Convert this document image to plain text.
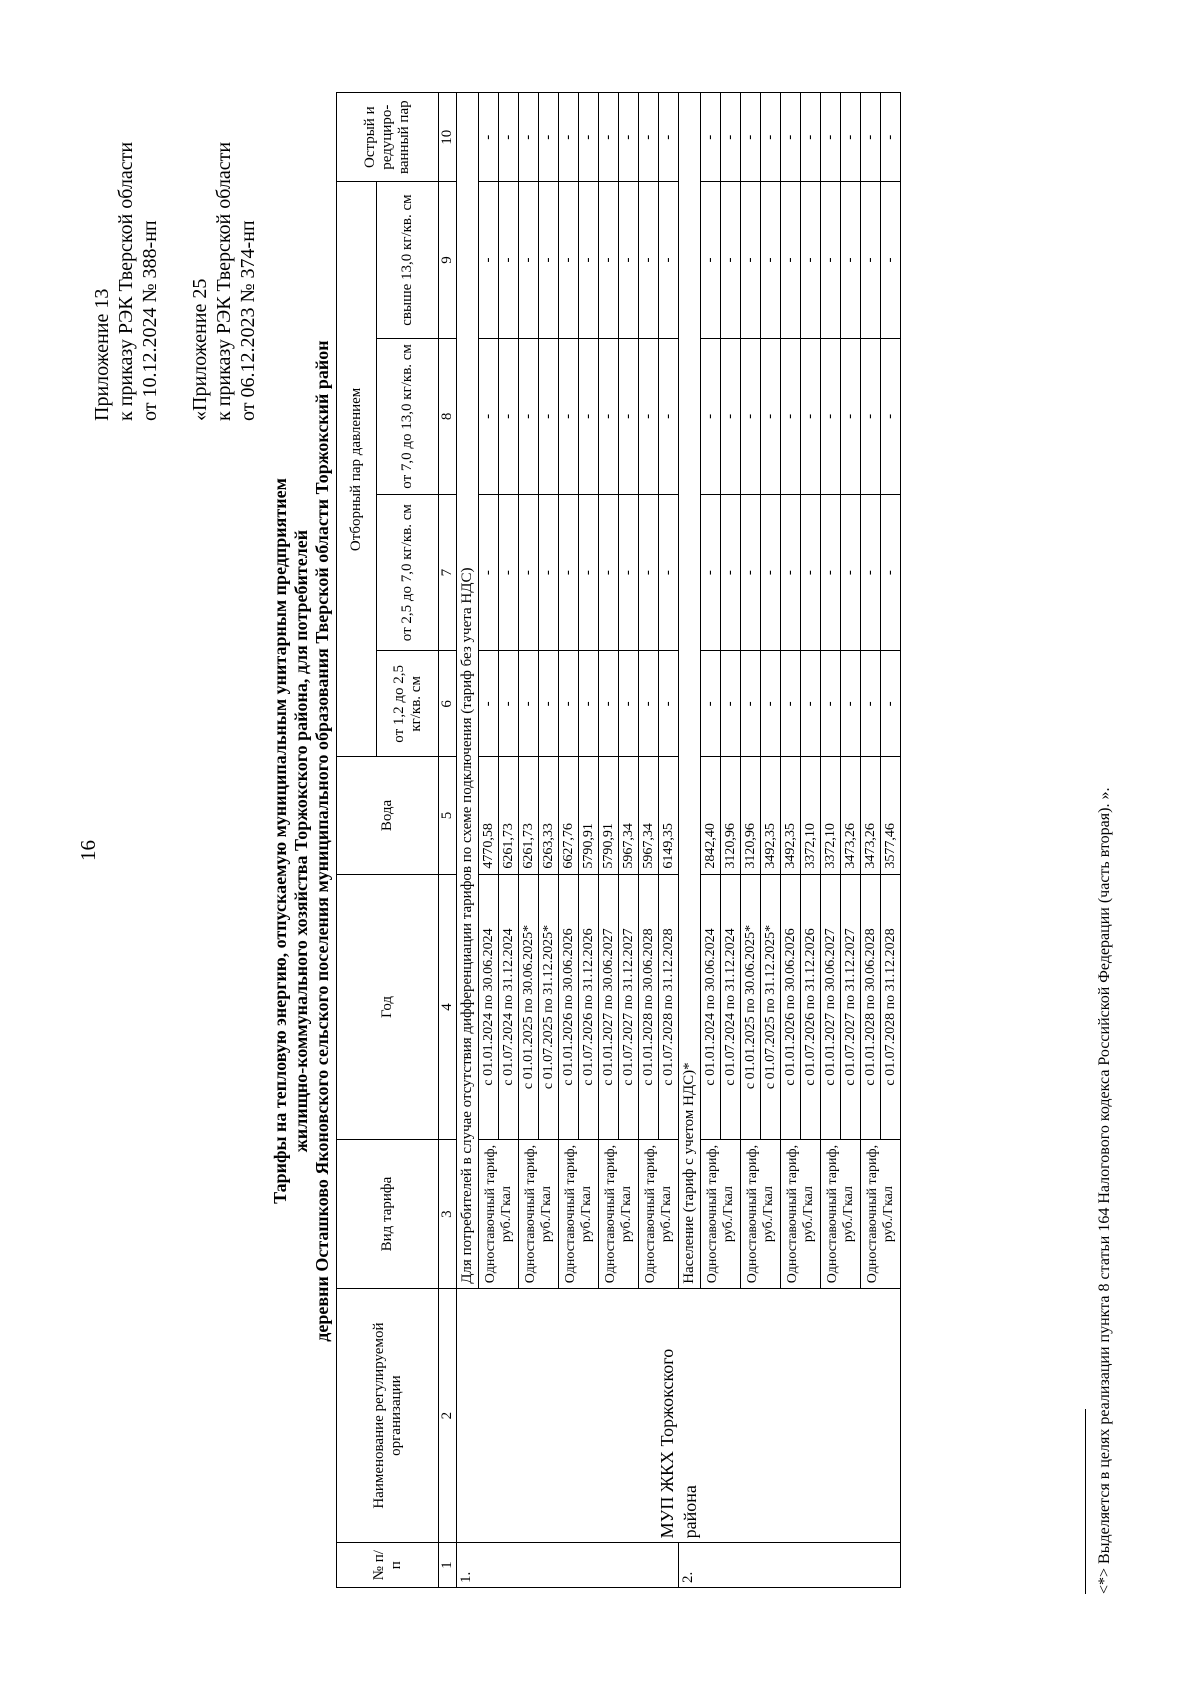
16
Приложение 13 к приказу РЭК Тверской области от 10.12.2024 № 388-нп «Приложение 25 к приказу РЭК Тверской области от 06.12.2023 № 374-нп
Тарифы на тепловую энергию, отпускаемую муниципальным унитарным предприятием жилищно-коммунального хозяйства Торжокского района, для потребителей деревни Осташково Яконовского сельского поселения муниципального образования Тверской области Торжокский район
№ п/ п	Наименование регулируемой организации	Вид тарифа	Год	Вода	Отборный пар давлением				Острый и редуциро-ванный пар
					от 1,2 до 2,5 кг/кв. см	от 2,5 до 7,0 кг/кв. см	от 7,0 до 13,0 кг/кв. см	свыше 13,0 кг/кв. см	
1	2	3	4	5	6	7	8	9	10
1.	МУП ЖКХ Торжокского района	Для потребителей в случае отсутствия дифференциации тарифов по схеме подключения (тариф без учета НДС)							
		Одноставочный тариф, руб./Гкал	с 01.01.2024 по 30.06.2024	4770,58	-	-	-	-	-
			с 01.07.2024 по 31.12.2024	6261,73	-	-	-	-	-
		Одноставочный тариф, руб./Гкал	с 01.01.2025 по 30.06.2025*	6261,73	-	-	-	-	-
			с 01.07.2025 по 31.12.2025*	6263,33	-	-	-	-	-
		Одноставочный тариф, руб./Гкал	с 01.01.2026 по 30.06.2026	6627,76	-	-	-	-	-
			с 01.07.2026 по 31.12.2026	5790,91	-	-	-	-	-
		Одноставочный тариф, руб./Гкал	с 01.01.2027 по 30.06.2027	5790,91	-	-	-	-	-
			с 01.07.2027 по 31.12.2027	5967,34	-	-	-	-	-
		Одноставочный тариф, руб./Гкал	с 01.01.2028 по 30.06.2028	5967,34	-	-	-	-	-
			с 01.07.2028 по 31.12.2028	6149,35	-	-	-	-	-
2.		Население (тариф с учетом НДС)*							
		Одноставочный тариф, руб./Гкал	с 01.01.2024 по 30.06.2024	2842,40	-	-	-	-	-
			с 01.07.2024 по 31.12.2024	3120,96	-	-	-	-	-
		Одноставочный тариф, руб./Гкал	с 01.01.2025 по 30.06.2025*	3120,96	-	-	-	-	-
			с 01.07.2025 по 31.12.2025*	3492,35	-	-	-	-	-
		Одноставочный тариф, руб./Гкал	с 01.01.2026 по 30.06.2026	3492,35	-	-	-	-	-
			с 01.07.2026 по 31.12.2026	3372,10	-	-	-	-	-
		Одноставочный тариф, руб./Гкал	с 01.01.2027 по 30.06.2027	3372,10	-	-	-	-	-
			с 01.07.2027 по 31.12.2027	3473,26	-	-	-	-	-
		Одноставочный тариф, руб./Гкал	с 01.01.2028 по 30.06.2028	3473,26	-	-	-	-	-
			с 01.07.2028 по 31.12.2028	3577,46	-	-	-	-	-
<*> Выделяется в целях реализации пункта 8 статьи 164 Налогового кодекса Российской Федерации (часть вторая). ».
